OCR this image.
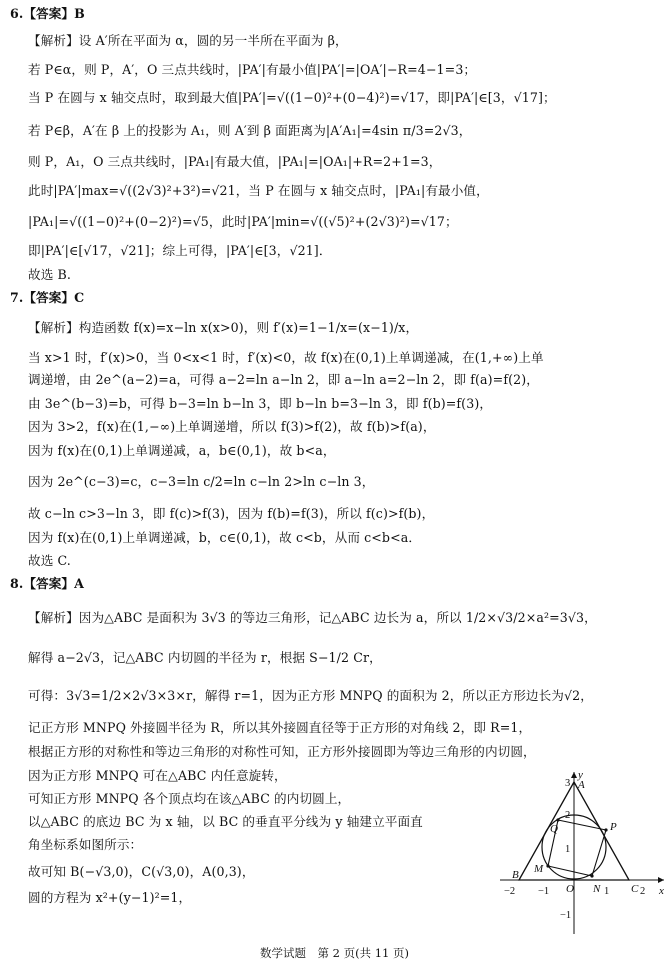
6.【答案】B
【解析】设 A′所在平面为 α，圆的另一半所在平面为 β，
若 P∈α，则 P，A′，O 三点共线时，|PA′|有最小值|PA′|=|OA′|−R=4−1=3；
当 P 在圆与 x 轴交点时，取到最大值|PA′|=√((1−0)²+(0−4)²)=√17，即|PA′|∈[3，√17]；
若 P∈β，A′在 β 上的投影为 A₁，则 A′到 β 面距离为|A′A₁|=4sin π/3=2√3，
则 P，A₁，O 三点共线时，|PA₁|有最大值，|PA₁|=|OA₁|+R=2+1=3，
此时|PA′|max=√((2√3)²+3²)=√21，当 P 在圆与 x 轴交点时，|PA₁|有最小值，
|PA₁|=√((1−0)²+(0−2)²)=√5，此时|PA′|min=√((√5)²+(2√3)²)=√17；
即|PA′|∈[√17，√21]；综上可得，|PA′|∈[3，√21]．
故选 B.
7.【答案】C
【解析】构造函数 f(x)=x−ln x(x>0)，则 f′(x)=1−1/x=(x−1)/x，
当 x>1 时，f′(x)>0，当 0<x<1 时，f′(x)<0，故 f(x)在(0,1)上单调递减，在(1,+∞)上单
调递增，由 2e^(a−2)=a，可得 a−2=ln a−ln 2，即 a−ln a=2−ln 2，即 f(a)=f(2)，
由 3e^(b−3)=b，可得 b−3=ln b−ln 3，即 b−ln b=3−ln 3，即 f(b)=f(3)，
因为 3>2，f(x)在(1,−∞)上单调递增，所以 f(3)>f(2)，故 f(b)>f(a)，
因为 f(x)在(0,1)上单调递减，a，b∈(0,1)，故 b<a，
因为 2e^(c−3)=c，c−3=ln c/2=ln c−ln 2>ln c−ln 3，
故 c−ln c>3−ln 3，即 f(c)>f(3)，因为 f(b)=f(3)，所以 f(c)>f(b)，
因为 f(x)在(0,1)上单调递减，b，c∈(0,1)，故 c<b，从而 c<b<a．
故选 C.
8.【答案】A
【解析】因为△ABC 是面积为 3√3 的等边三角形，记△ABC 边长为 a，所以 1/2×√3/2×a²=3√3，
解得 a−2√3，记△ABC 内切圆的半径为 r，根据 S−1/2 Cr，
可得：3√3=1/2×2√3×3×r，解得 r=1，因为正方形 MNPQ 的面积为 2，所以正方形边长为√2，
记正方形 MNPQ 外接圆半径为 R，所以其外接圆直径等于正方形的对角线 2，即 R=1，
根据正方形的对称性和等边三角形的对称性可知，正方形外接圆即为等边三角形的内切圆，
因为正方形 MNPQ 可在△ABC 内任意旋转，
可知正方形 MNPQ 各个顶点均在该△ABC 的内切圆上，
以△ABC 的底边 BC 为 x 轴，以 BC 的垂直平分线为 y 轴建立平面直
角坐标系如图所示：
故可知 B(−√3,0)，C(√3,0)，A(0,3)，
圆的方程为 x²+(y−1)²=1，
y
x
A
B
C
M
N
P
Q
O
3
2
1
−1
−2 −1	1	2
数学试题　第 2 页(共 11 页)
